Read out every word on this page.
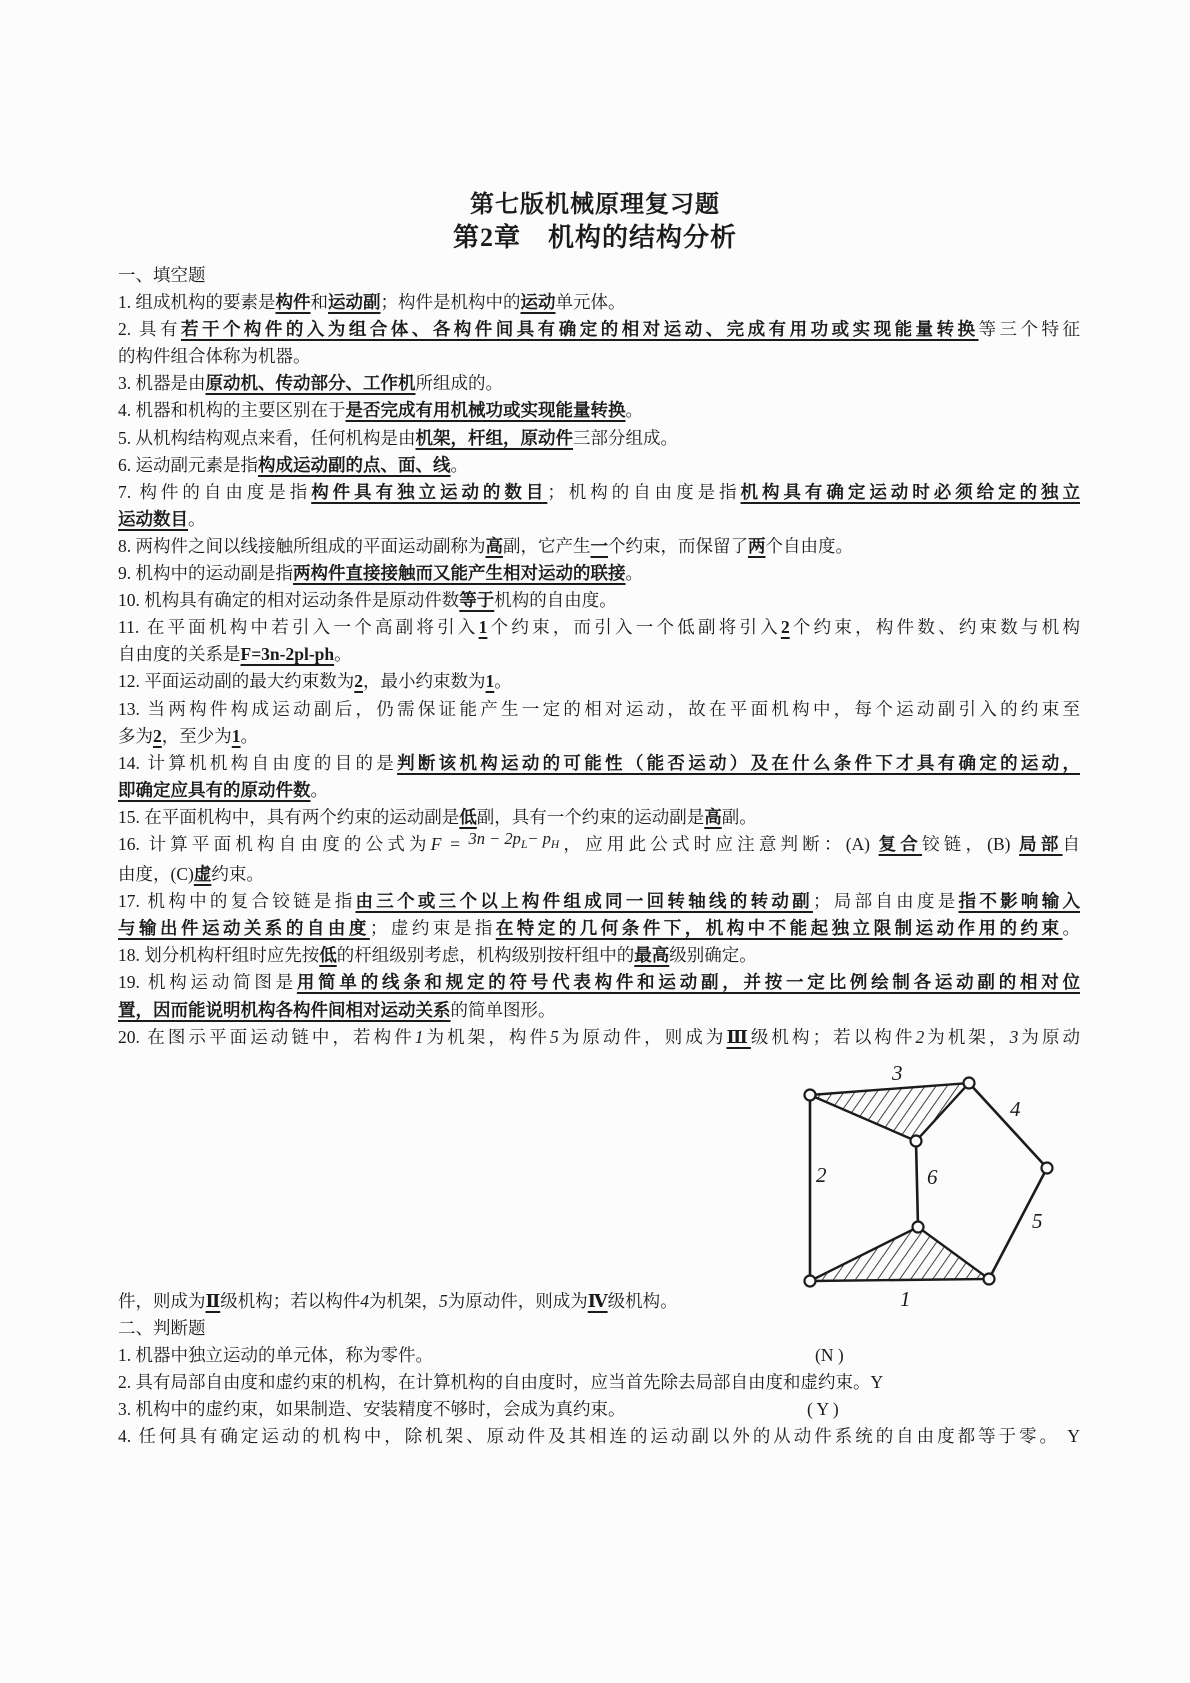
第七版机械原理复习题
第2章　机构的结构分析
一、填空题
1. 组成机构的要素是构件和运动副；构件是机构中的运动单元体。
2. 具有若干个构件的入为组合体、各构件间具有确定的相对运动、完成有用功或实现能量转换等三个特征
的构件组合体称为机器。
3. 机器是由原动机、传动部分、工作机所组成的。
4. 机器和机构的主要区别在于是否完成有用机械功或实现能量转换。
5. 从机构结构观点来看，任何机构是由机架，杆组，原动件三部分组成。
6. 运动副元素是指构成运动副的点、面、线。
7. 构件的自由度是指构件具有独立运动的数目；机构的自由度是指机构具有确定运动时必须给定的独立
运动数目。
8. 两构件之间以线接触所组成的平面运动副称为高副，它产生一个约束，而保留了两个自由度。
9. 机构中的运动副是指两构件直接接触而又能产生相对运动的联接。
10. 机构具有确定的相对运动条件是原动件数等于机构的自由度。
11. 在平面机构中若引入一个高副将引入1个约束，而引入一个低副将引入2个约束，构件数、约束数与机构
自由度的关系是F=3n-2pl-ph。
12. 平面运动副的最大约束数为2，最小约束数为1。
13. 当两构件构成运动副后，仍需保证能产生一定的相对运动，故在平面机构中，每个运动副引入的约束至
多为2，至少为1。
14. 计算机机构自由度的目的是判断该机构运动的可能性（能否运动）及在什么条件下才具有确定的运动，
即确定应具有的原动件数。
15. 在平面机构中，具有两个约束的运动副是低副，具有一个约束的运动副是高副。
16. 计算平面机构自由度的公式为F = 3n − 2pL− pH，应用此公式时应注意判断：(A) 复合铰链，(B) 局部自
由度，(C)虚约束。
17. 机构中的复合铰链是指由三个或三个以上构件组成同一回转轴线的转动副；局部自由度是指不影响输入
与输出件运动关系的自由度；虚约束是指在特定的几何条件下，机构中不能起独立限制运动作用的约束。
18. 划分机构杆组时应先按低的杆组级别考虑，机构级别按杆组中的最高级别确定。
19. 机构运动简图是用简单的线条和规定的符号代表构件和运动副，并按一定比例绘制各运动副的相对位
置，因而能说明机构各构件间相对运动关系的简单图形。
20. 在图示平面运动链中，若构件1为机架，构件5为原动件，则成为Ⅲ级机构；若以构件2为机架，3为原动
3
4
2	6
5
1
件，则成为Ⅱ级机构；若以构件4为机架，5为原动件，则成为Ⅳ级机构。
二、判断题
1. 机器中独立运动的单元体，称为零件。	(N )
2. 具有局部自由度和虚约束的机构，在计算机构的自由度时，应当首先除去局部自由度和虚约束。Y
3. 机构中的虚约束，如果制造、安装精度不够时，会成为真约束。	( Y )
4. 任何具有确定运动的机构中，除机架、原动件及其相连的运动副以外的从动件系统的自由度都等于零。 Y
